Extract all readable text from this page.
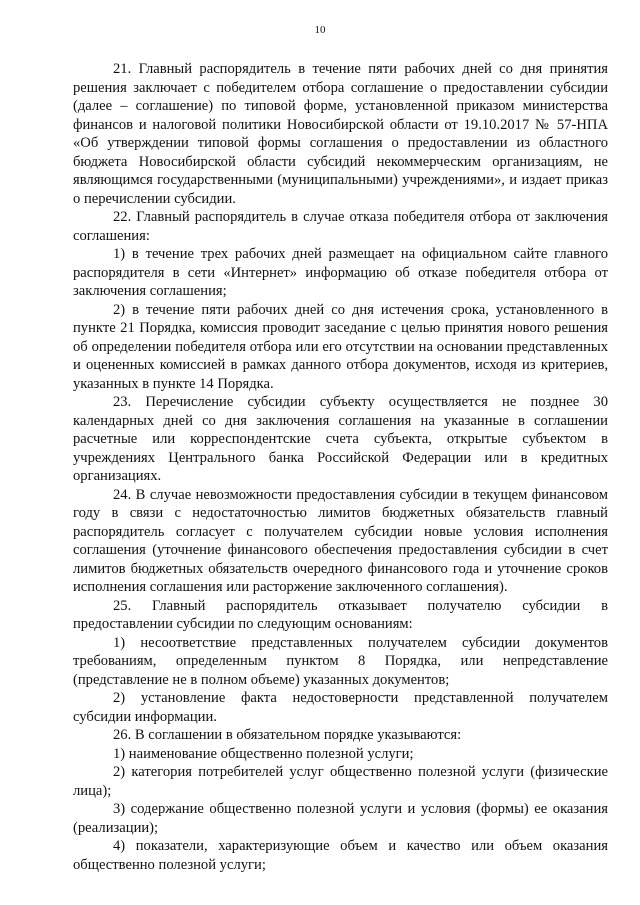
10

21. Главный распорядитель в течение пяти рабочих дней со дня принятия решения заключает с победителем отбора соглашение о предоставлении субсидии (далее – соглашение) по типовой форме, установленной приказом министерства финансов и налоговой политики Новосибирской области от 19.10.2017 № 57-НПА «Об утверждении типовой формы соглашения о предоставлении из областного бюджета Новосибирской области субсидий некоммерческим организациям, не являющимся государственными (муниципальными) учреждениями», и издает приказ о перечислении субсидии.

22. Главный распорядитель в случае отказа победителя отбора от заключения соглашения:

1) в течение трех рабочих дней размещает на официальном сайте главного распорядителя в сети «Интернет» информацию об отказе победителя отбора от заключения соглашения;

2) в течение пяти рабочих дней со дня истечения срока, установленного в пункте 21 Порядка, комиссия проводит заседание с целью принятия нового решения об определении победителя отбора или его отсутствии на основании представленных и оцененных комиссией в рамках данного отбора документов, исходя из критериев, указанных в пункте 14 Порядка.

23. Перечисление субсидии субъекту осуществляется не позднее 30 календарных дней со дня заключения соглашения на указанные в соглашении расчетные или корреспондентские счета субъекта, открытые субъектом в учреждениях Центрального банка Российской Федерации или в кредитных организациях.

24. В случае невозможности предоставления субсидии в текущем финансовом году в связи с недостаточностью лимитов бюджетных обязательств главный распорядитель согласует с получателем субсидии новые условия исполнения соглашения (уточнение финансового обеспечения предоставления субсидии в счет лимитов бюджетных обязательств очередного финансового года и уточнение сроков исполнения соглашения или расторжение заключенного соглашения).

25. Главный распорядитель отказывает получателю субсидии в предоставлении субсидии по следующим основаниям:

1) несоответствие представленных получателем субсидии документов требованиям, определенным пунктом 8 Порядка, или непредставление (представление не в полном объеме) указанных документов;

2) установление факта недостоверности представленной получателем субсидии информации.

26. В соглашении в обязательном порядке указываются:

1) наименование общественно полезной услуги;

2) категория потребителей услуг общественно полезной услуги (физические лица);

3) содержание общественно полезной услуги и условия (формы) ее оказания (реализации);

4) показатели, характеризующие объем и качество или объем оказания общественно полезной услуги;
